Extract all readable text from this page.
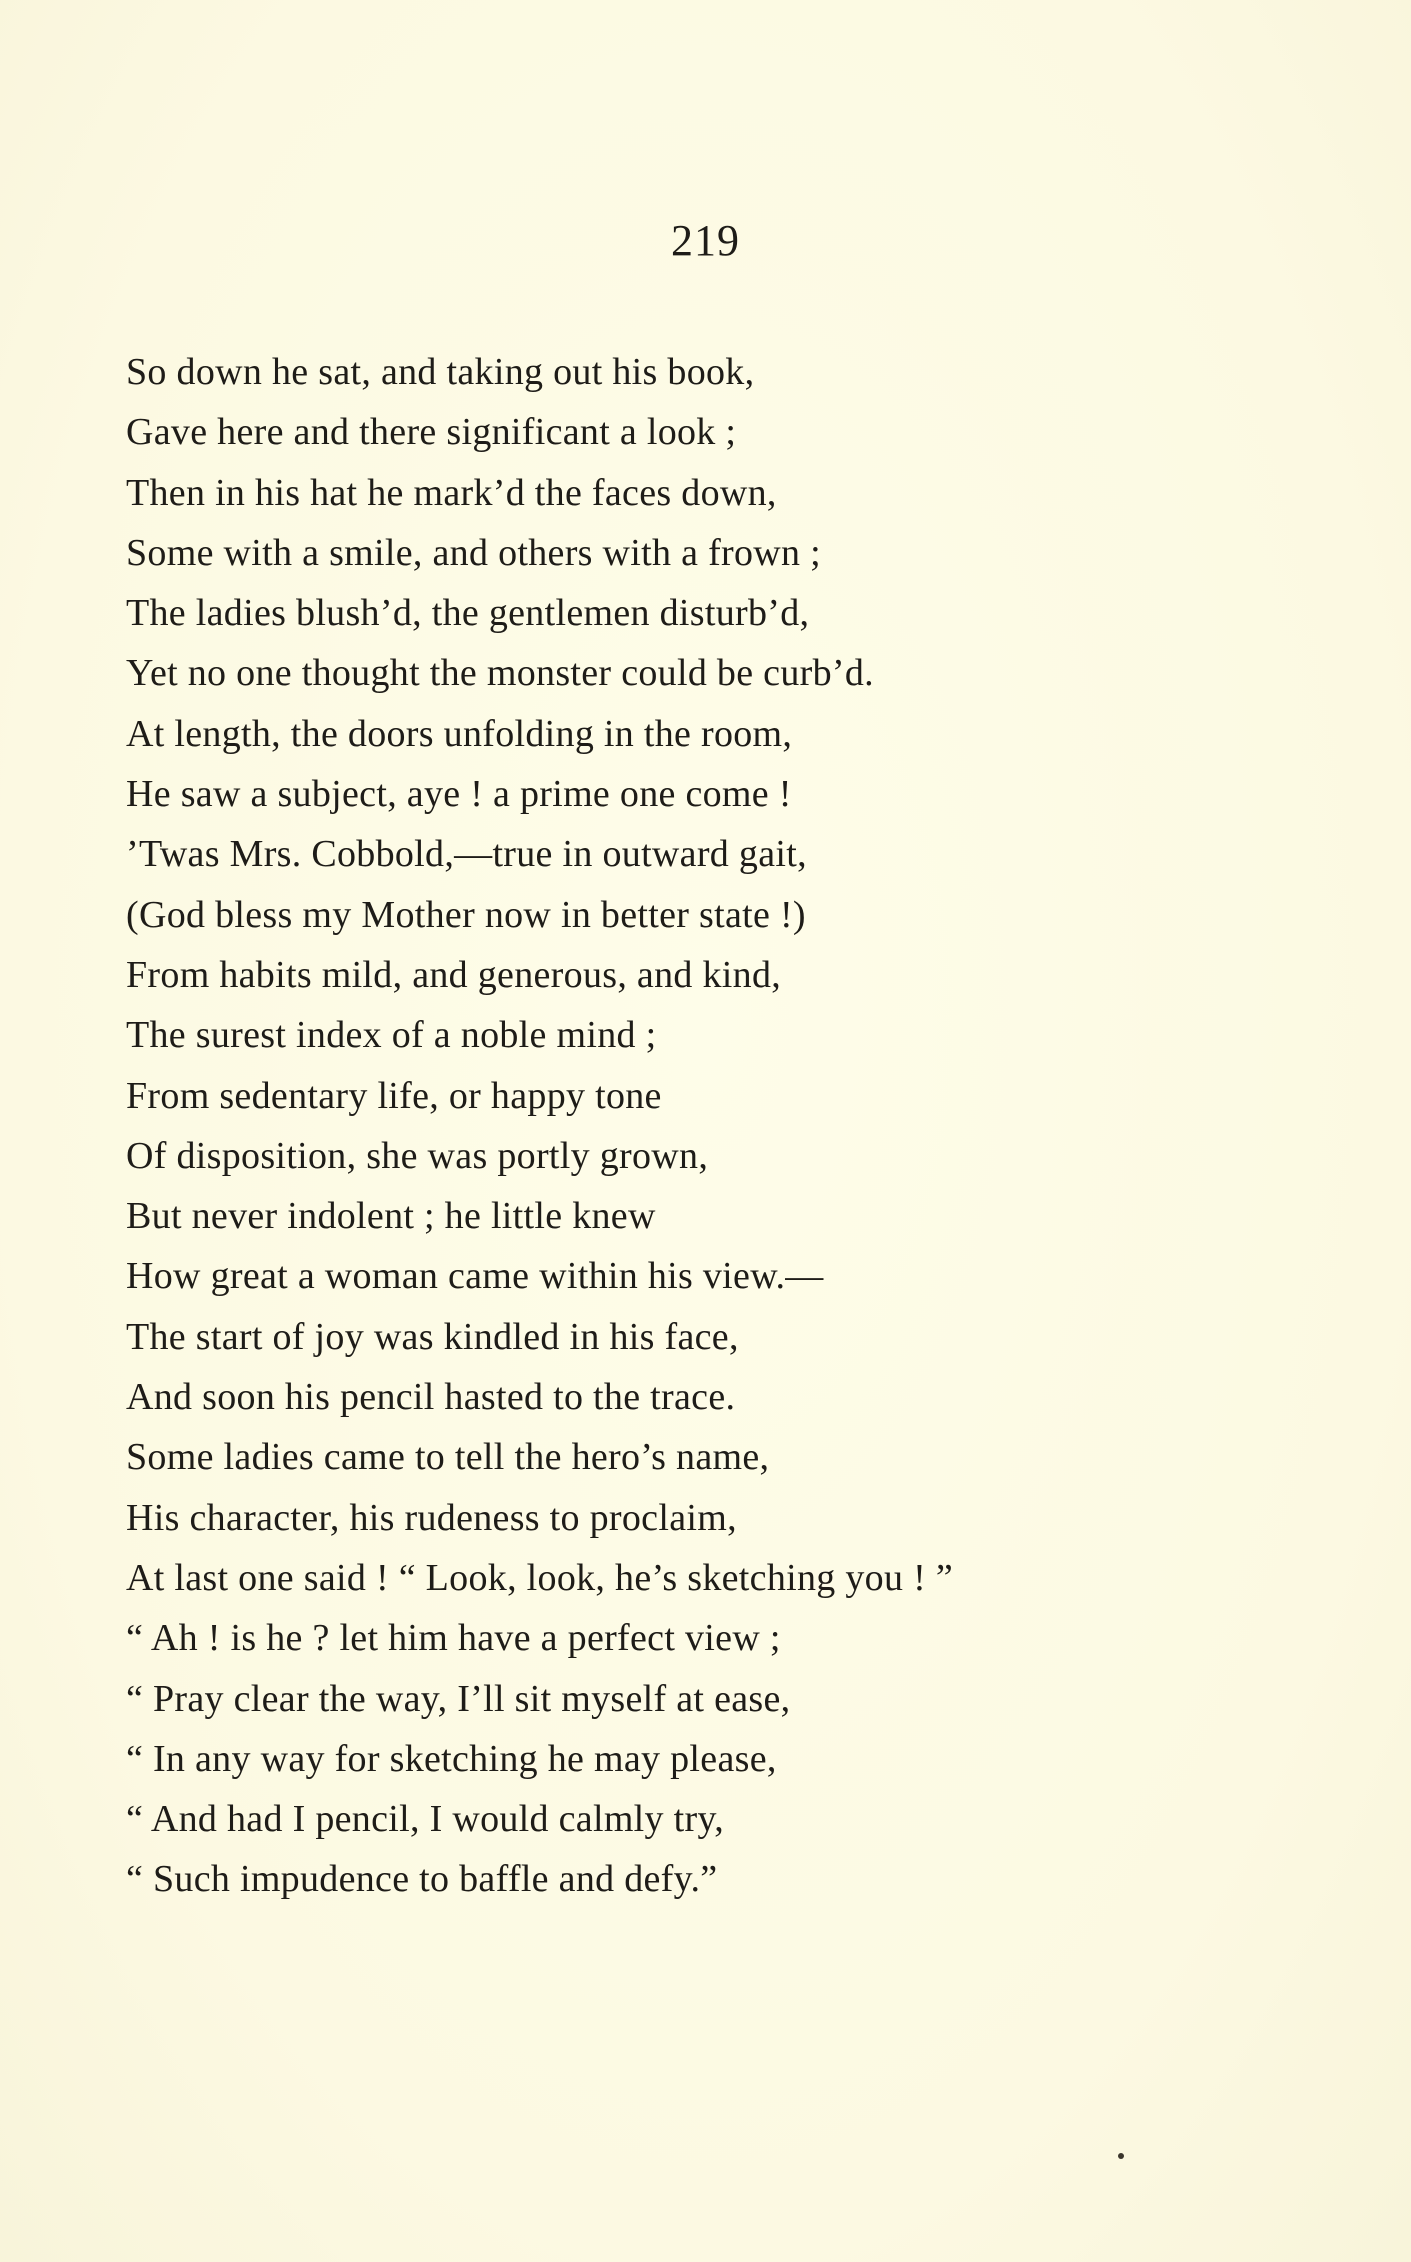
219
So down he sat, and taking out his book,
Gave here and there significant a look ;
Then in his hat he mark’d the faces down,
Some with a smile, and others with a frown ;
The ladies blush’d, the gentlemen disturb’d,
Yet no one thought the monster could be curb’d.
At length, the doors unfolding in the room,
He saw a subject, aye ! a prime one come !
’Twas Mrs. Cobbold,—true in outward gait,
(God bless my Mother now in better state !)
From habits mild, and generous, and kind,
The surest index of a noble mind ;
From sedentary life, or happy tone
Of disposition, she was portly grown,
But never indolent ; he little knew
How great a woman came within his view.—
The start of joy was kindled in his face,
And soon his pencil hasted to the trace.
Some ladies came to tell the hero’s name,
His character, his rudeness to proclaim,
At last one said ! “ Look, look, he’s sketching you ! ”
“ Ah ! is he ? let him have a perfect view ;
“ Pray clear the way, I’ll sit myself at ease,
“ In any way for sketching he may please,
“ And had I pencil, I would calmly try,
“ Such impudence to baffle and defy.”
